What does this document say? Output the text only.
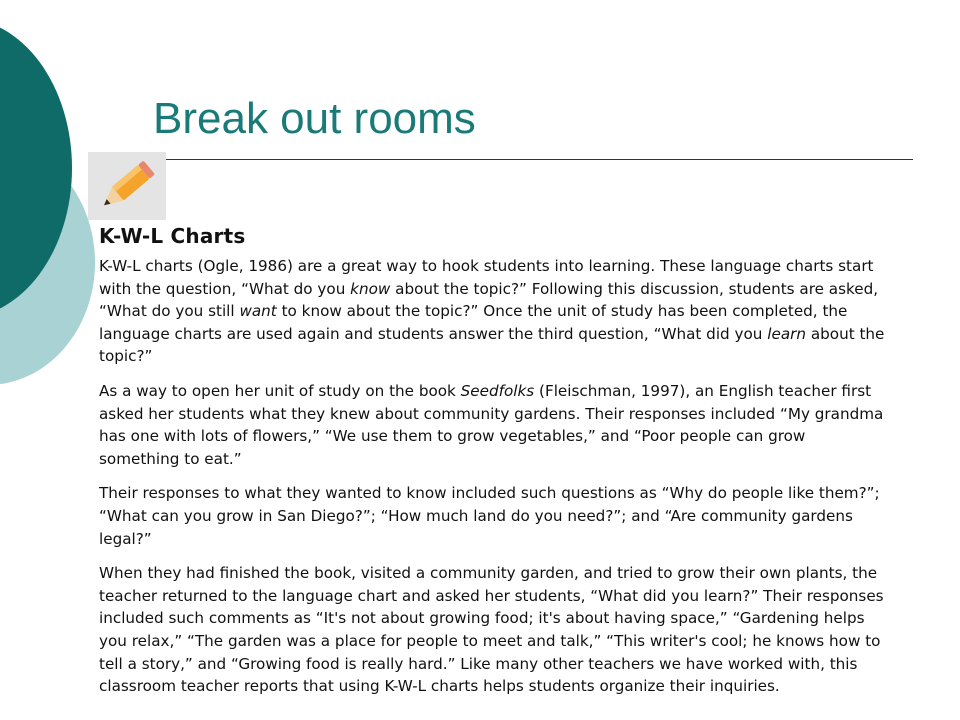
Break out rooms
K-W-L Charts

K-W-L charts (Ogle, 1986) are a great way to hook students into learning. These language charts start with the question, “What do you know about the topic?” Following this discussion, students are asked, “What do you still want to know about the topic?” Once the unit of study has been completed, the language charts are used again and students answer the third question, “What did you learn about the topic?”

As a way to open her unit of study on the book Seedfolks (Fleischman, 1997), an English teacher first asked her students what they knew about community gardens. Their responses included “My grandma has one with lots of flowers,” “We use them to grow vegetables,” and “Poor people can grow something to eat.”

Their responses to what they wanted to know included such questions as “Why do people like them?”; “What can you grow in San Diego?”; “How much land do you need?”; and “Are community gardens legal?”

When they had finished the book, visited a community garden, and tried to grow their own plants, the teacher returned to the language chart and asked her students, “What did you learn?” Their responses included such comments as “It's not about growing food; it's about having space,” “Gardening helps you relax,” “The garden was a place for people to meet and talk,” “This writer's cool; he knows how to tell a story,” and “Growing food is really hard.” Like many other teachers we have worked with, this classroom teacher reports that using K-W-L charts helps students organize their inquiries.
